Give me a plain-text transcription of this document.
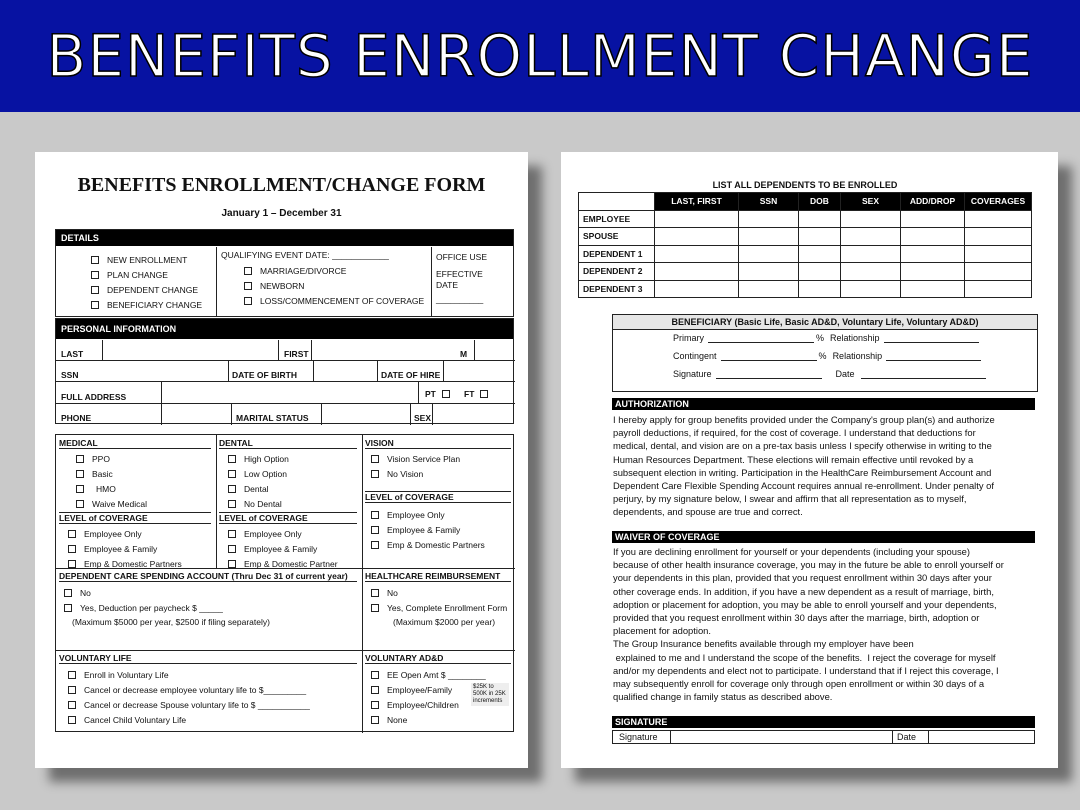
BENEFITS ENROLLMENT CHANGE
BENEFITS ENROLLMENT/CHANGE FORM
January 1 – December 31
DETAILS
NEW ENROLLMENT
PLAN CHANGE
DEPENDENT CHANGE
BENEFICIARY CHANGE
QUALIFYING EVENT DATE: ____________
MARRIAGE/DIVORCE
NEWBORN
LOSS/COMMENCEMENT OF COVERAGE
OFFICE USE
EFFECTIVE
DATE
__________
PERSONAL INFORMATION
LAST	FIRST	M
SSN	DATE OF BIRTH	DATE OF HIRE
FULL ADDRESS	PT	FT
PHONE	MARITAL STATUS	SEX
MEDICAL
PPO
Basic
HMO
Waive Medical
LEVEL of COVERAGE
Employee Only
Employee & Family
Emp & Domestic Partners
DENTAL
High Option
Low Option
Dental
No Dental
LEVEL of COVERAGE
Employee Only
Employee & Family
Emp & Domestic Partner
VISION
Vision Service Plan
No Vision
LEVEL of COVERAGE
Employee Only
Employee & Family
Emp & Domestic Partners
DEPENDENT CARE SPENDING ACCOUNT (Thru Dec 31 of current year)
No
Yes, Deduction per paycheck $ _____
(Maximum $5000 per year, $2500 if filing separately)
HEALTHCARE REIMBURSEMENT
No
Yes, Complete Enrollment Form
(Maximum $2000 per year)
VOLUNTARY LIFE
Enroll in Voluntary Life
Cancel or decrease employee voluntary life to $_________
Cancel or decrease Spouse voluntary life to $ ___________
Cancel Child Voluntary Life
VOLUNTARY AD&D
EE Open Amt $ ________
Employee/Family
Employee/Children
None
$25K to 500K in 25K increments
LIST ALL DEPENDENTS TO BE ENROLLED
	LAST, FIRST	SSN	DOB	SEX	ADD/DROP	COVERAGES
EMPLOYEE						
SPOUSE						
DEPENDENT 1						
DEPENDENT 2						
DEPENDENT 3						
BENEFICIARY (Basic Life, Basic AD&D, Voluntary Life, Voluntary AD&D)
Primary	% Relationship
Contingent	% Relationship
Signature	Date
AUTHORIZATION
I hereby apply for group benefits provided under the Company's group plan(s) and authorize
payroll deductions, if required, for the cost of coverage. I understand that deductions for
medical, dental, and vision are on a pre-tax basis unless I specify otherwise in writing to the
Human Resources Department. These elections will remain effective until revoked by a
subsequent election in writing. Participation in the HealthCare Reimbursement Account and
Dependent Care Flexible Spending Account requires annual re-enrollment. Under penalty of
perjury, by my signature below, I swear and affirm that all representation as to myself,
dependents, and spouse are true and correct.
WAIVER OF COVERAGE
If you are declining enrollment for yourself or your dependents (including your spouse)
because of other health insurance coverage, you may in the future be able to enroll yourself or
your dependents in this plan, provided that you request enrollment within 30 days after your
other coverage ends. In addition, if you have a new dependent as a result of marriage, birth,
adoption or placement for adoption, you may be able to enroll yourself and your dependents,
provided that you request enrollment within 30 days after the marriage, birth, adoption or
placement for adoption.
The Group Insurance benefits available through my employer have been
explained to me and I understand the scope of the benefits.  I reject the coverage for myself
and/or my dependents and elect not to participate. I understand that if I reject this coverage, I
may subsequently enroll for coverage only through open enrollment or within 30 days of a
qualified change in family status as described above.
SIGNATURE
Signature	Date
